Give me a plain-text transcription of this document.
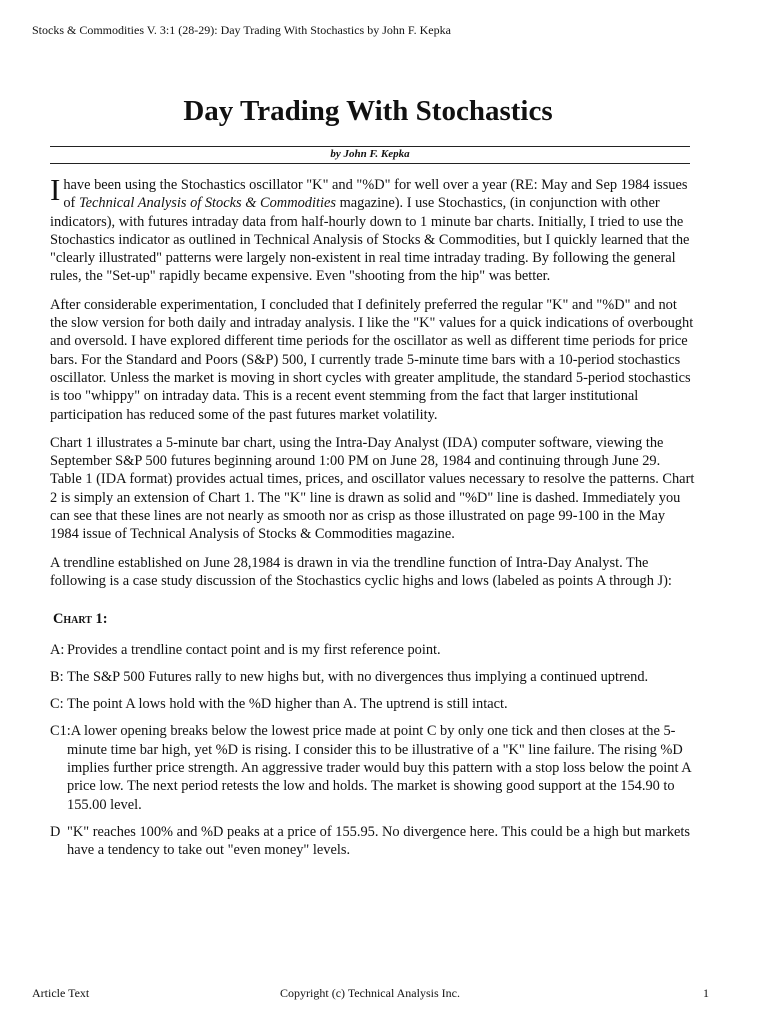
Stocks & Commodities V. 3:1 (28-29): Day Trading With Stochastics by John F. Kepka
Day Trading With Stochastics
by John F. Kepka

Ihave been using the Stochastics oscillator "K" and "%D" for well over a year (RE: May and Sep 1984 issues of Technical Analysis of Stocks & Commodities magazine). I use Stochastics, (in conjunction with other indicators), with futures intraday data from half-hourly down to 1 minute bar charts. Initially, I tried to use the Stochastics indicator as outlined in Technical Analysis of Stocks & Commodities, but I quickly learned that the "clearly illustrated" patterns were largely non-existent in real time intraday trading. By following the general rules, the "Set-up" rapidly became expensive. Even "shooting from the hip" was better.

After considerable experimentation, I concluded that I definitely preferred the regular "K" and "%D" and not the slow version for both daily and intraday analysis. I like the "K" values for a quick indications of overbought and oversold. I have explored different time periods for the oscillator as well as different time periods for price bars. For the Standard and Poors (S&P) 500, I currently trade 5-minute time bars with a 10-period stochastics oscillator. Unless the market is moving in short cycles with greater amplitude, the standard 5-period stochastics is too "whippy" on intraday data. This is a recent event stemming from the fact that larger institutional participation has reduced some of the past futures market volatility.

Chart 1 illustrates a 5-minute bar chart, using the Intra-Day Analyst (IDA) computer software, viewing the September S&P 500 futures beginning around 1:00 PM on June 28, 1984 and continuing through June 29. Table 1 (IDA format) provides actual times, prices, and oscillator values necessary to resolve the patterns. Chart 2 is simply an extension of Chart 1. The "K" line is drawn as solid and "%D" line is dashed. Immediately you can see that these lines are not nearly as smooth nor as crisp as those illustrated on page 99-100 in the May 1984 issue of Technical Analysis of Stocks & Commodities magazine.

A trendline established on June 28,1984 is drawn in via the trendline function of Intra-Day Analyst. The following is a case study discussion of the Stochastics cyclic highs and lows (labeled as points A through J):

Chart 1:
A: Provides a trendline contact point and is my first reference point.
B: The S&P 500 Futures rally to new highs but, with no divergences thus implying a continued uptrend.
C: The point A lows hold with the %D higher than A. The uptrend is still intact.
C1:A lower opening breaks below the lowest price made at point C by only one tick and then closes at the 5-minute time bar high, yet %D is rising. I consider this to be illustrative of a "K" line failure. The rising %D implies further price strength. An aggressive trader would buy this pattern with a stop loss below the point A price low. The next period retests the low and holds. The market is showing good support at the 154.90 to 155.00 level.
D "K" reaches 100% and %D peaks at a price of 155.95. No divergence here. This could be a high but markets have a tendency to take out "even money" levels.
Article Text	Copyright (c) Technical Analysis Inc.	1
